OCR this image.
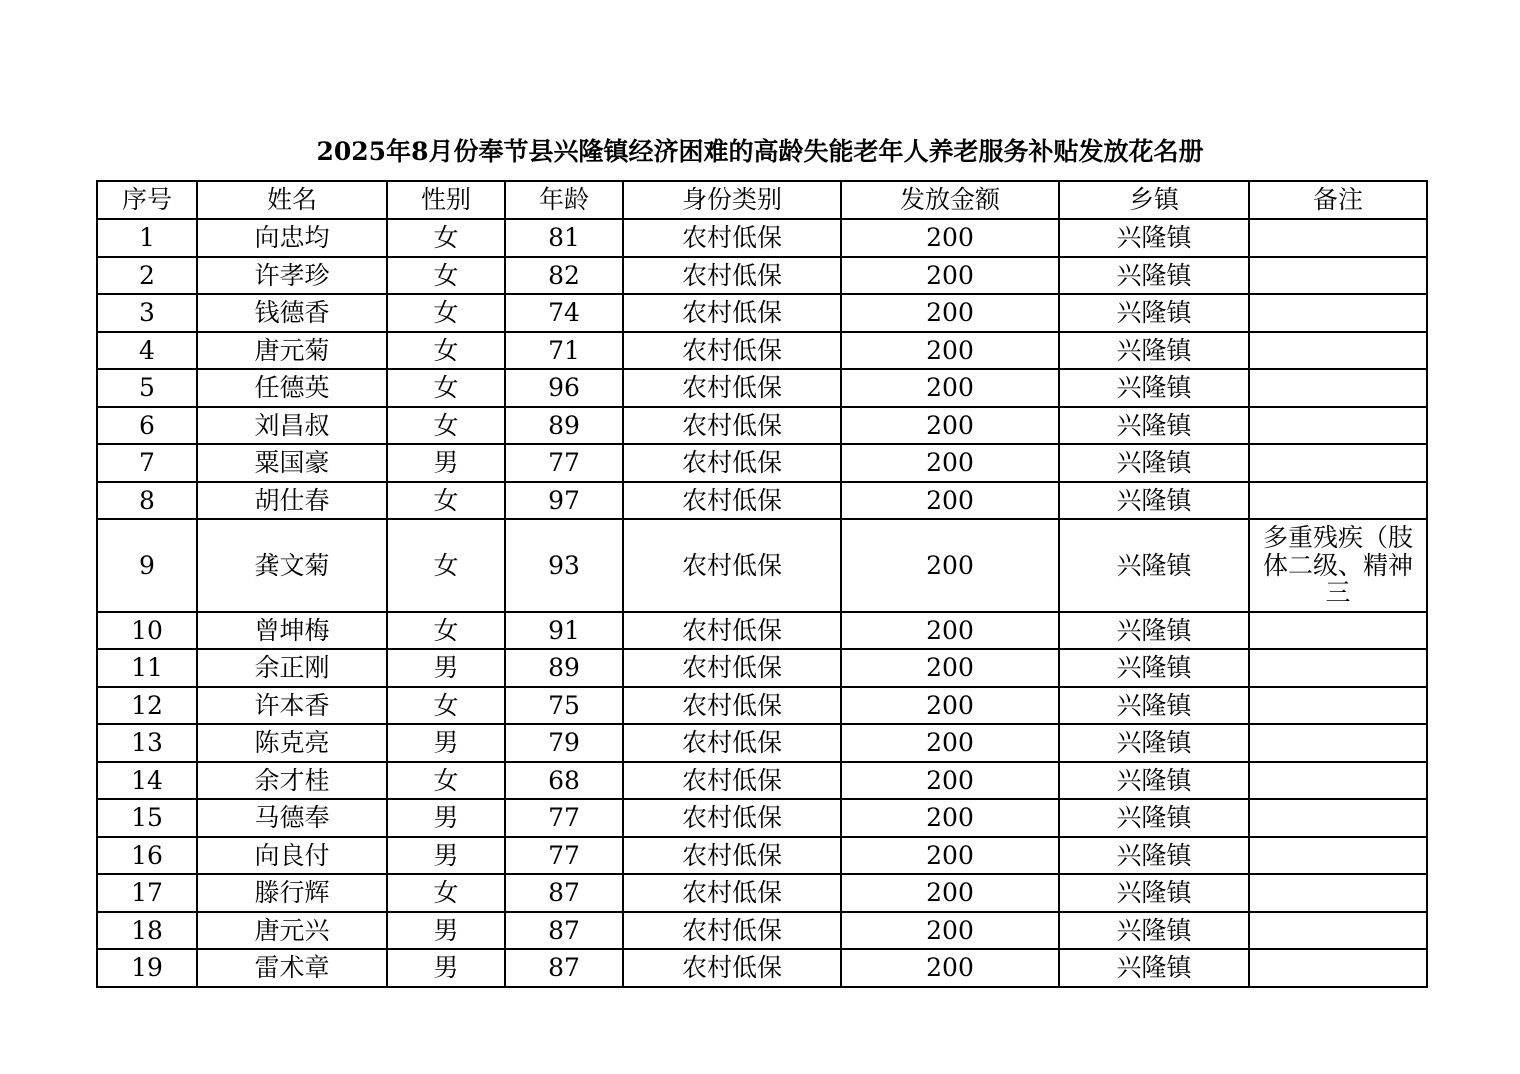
2025年8月份奉节县兴隆镇经济困难的高龄失能老年人养老服务补贴发放花名册
序号	姓名	性别	年龄	身份类别	发放金额	乡镇	备注
1	向忠均	女	81	农村低保	200	兴隆镇	
2	许孝珍	女	82	农村低保	200	兴隆镇	
3	钱德香	女	74	农村低保	200	兴隆镇	
4	唐元菊	女	71	农村低保	200	兴隆镇	
5	任德英	女	96	农村低保	200	兴隆镇	
6	刘昌叔	女	89	农村低保	200	兴隆镇	
7	粟国豪	男	77	农村低保	200	兴隆镇	
8	胡仕春	女	97	农村低保	200	兴隆镇	
9	龚文菊	女	93	农村低保	200	兴隆镇	多重残疾（肢体二级、精神三
10	曾坤梅	女	91	农村低保	200	兴隆镇	
11	余正刚	男	89	农村低保	200	兴隆镇	
12	许本香	女	75	农村低保	200	兴隆镇	
13	陈克亮	男	79	农村低保	200	兴隆镇	
14	余才桂	女	68	农村低保	200	兴隆镇	
15	马德奉	男	77	农村低保	200	兴隆镇	
16	向良付	男	77	农村低保	200	兴隆镇	
17	滕行辉	女	87	农村低保	200	兴隆镇	
18	唐元兴	男	87	农村低保	200	兴隆镇	
19	雷术章	男	87	农村低保	200	兴隆镇	
